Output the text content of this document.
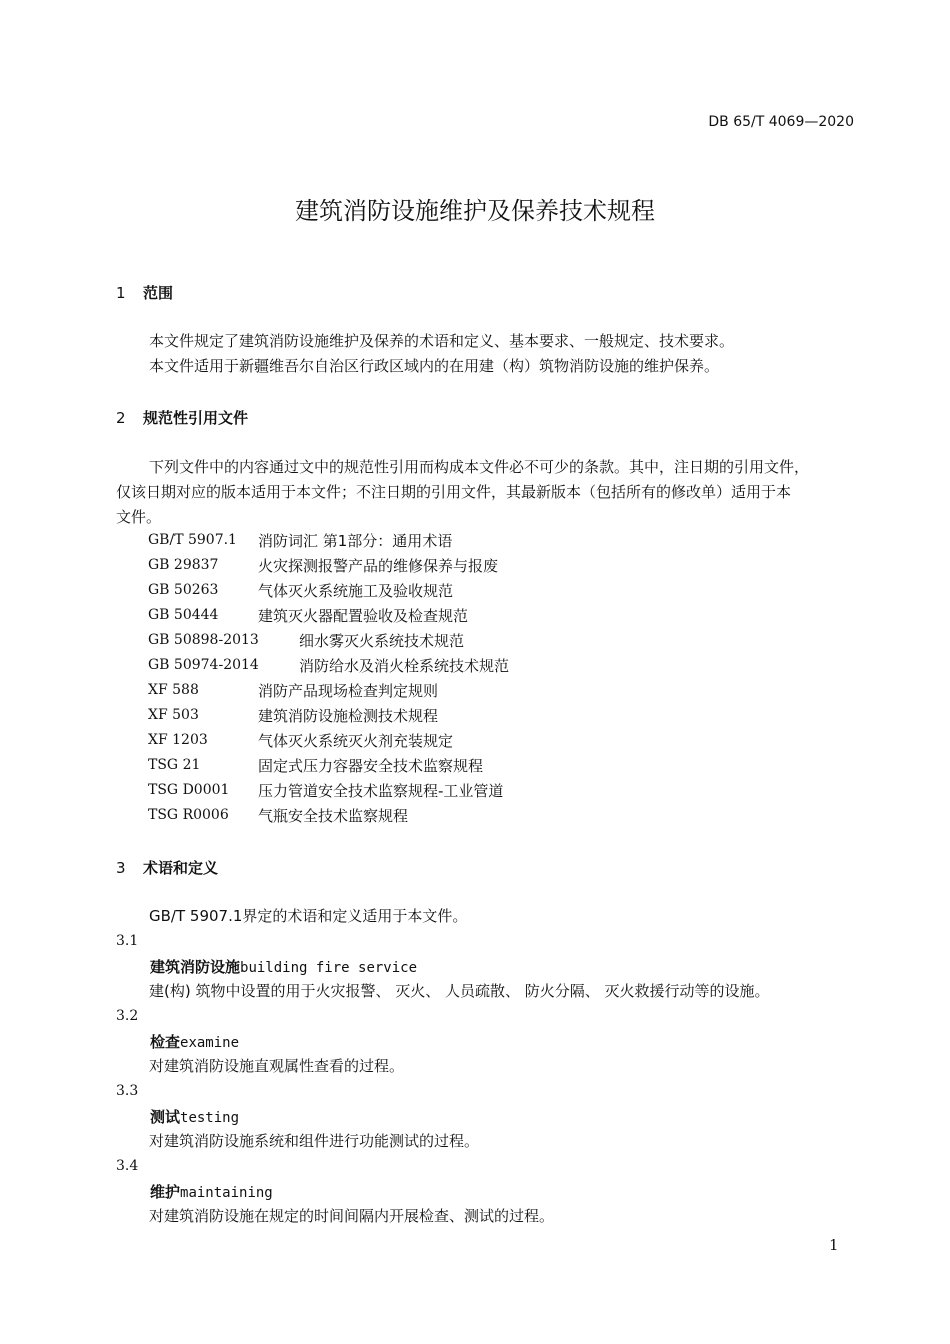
DB 65/T 4069—2020
建筑消防设施维护及保养技术规程
1 范围
本文件规定了建筑消防设施维护及保养的术语和定义、基本要求、一般规定、技术要求。
本文件适用于新疆维吾尔自治区行政区域内的在用建（构）筑物消防设施的维护保养。
2 规范性引用文件
下列文件中的内容通过文中的规范性引用而构成本文件必不可少的条款。其中，注日期的引用文件，
仅该日期对应的版本适用于本文件；不注日期的引用文件，其最新版本（包括所有的修改单）适用于本
文件。
GB/T 5907.1 消防词汇 第1部分：通用术语
GB 29837	火灾探测报警产品的维修保养与报废
GB 50263	气体灭火系统施工及验收规范
GB 50444	建筑灭火器配置验收及检查规范
GB 50898-2013	细水雾灭火系统技术规范
GB 50974-2014	消防给水及消火栓系统技术规范
XF 588	消防产品现场检查判定规则
XF 503	建筑消防设施检测技术规程
XF 1203	气体灭火系统灭火剂充装规定
TSG 21	固定式压力容器安全技术监察规程
TSG D0001 压力管道安全技术监察规程-工业管道
TSG R0006 气瓶安全技术监察规程
3 术语和定义
GB/T 5907.1界定的术语和定义适用于本文件。
3.1
建筑消防设施building fire service
建(构) 筑物中设置的用于火灾报警、 灭火、 人员疏散、 防火分隔、 灭火救援行动等的设施。
3.2
检查examine
对建筑消防设施直观属性查看的过程。
3.3
测试testing
对建筑消防设施系统和组件进行功能测试的过程。
3.4
维护maintaining
对建筑消防设施在规定的时间间隔内开展检查、测试的过程。
1
